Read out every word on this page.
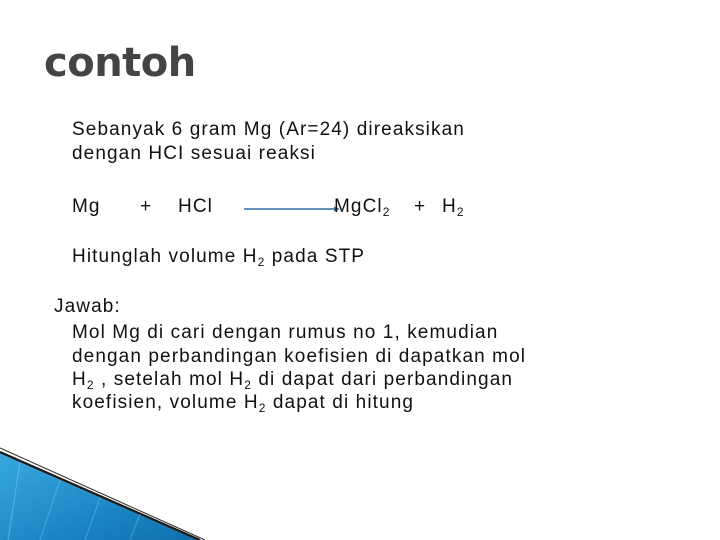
contoh
Sebanyak 6 gram Mg (Ar=24) direaksikan
dengan HCI sesuai reaksi
Mg + HCl	MgCl$_2$ + $H_2$
Hitunglah volume $H_2$ pada STP
Jawab:
Mol Mg di cari dengan rumus no 1, kemudian
dengan perbandingan koefisien di dapatkan mol
$H_2$ , setelah mol $H_2$ di dapat dari perbandingan
koefisien, volume $H_2$ dapat di hitung
